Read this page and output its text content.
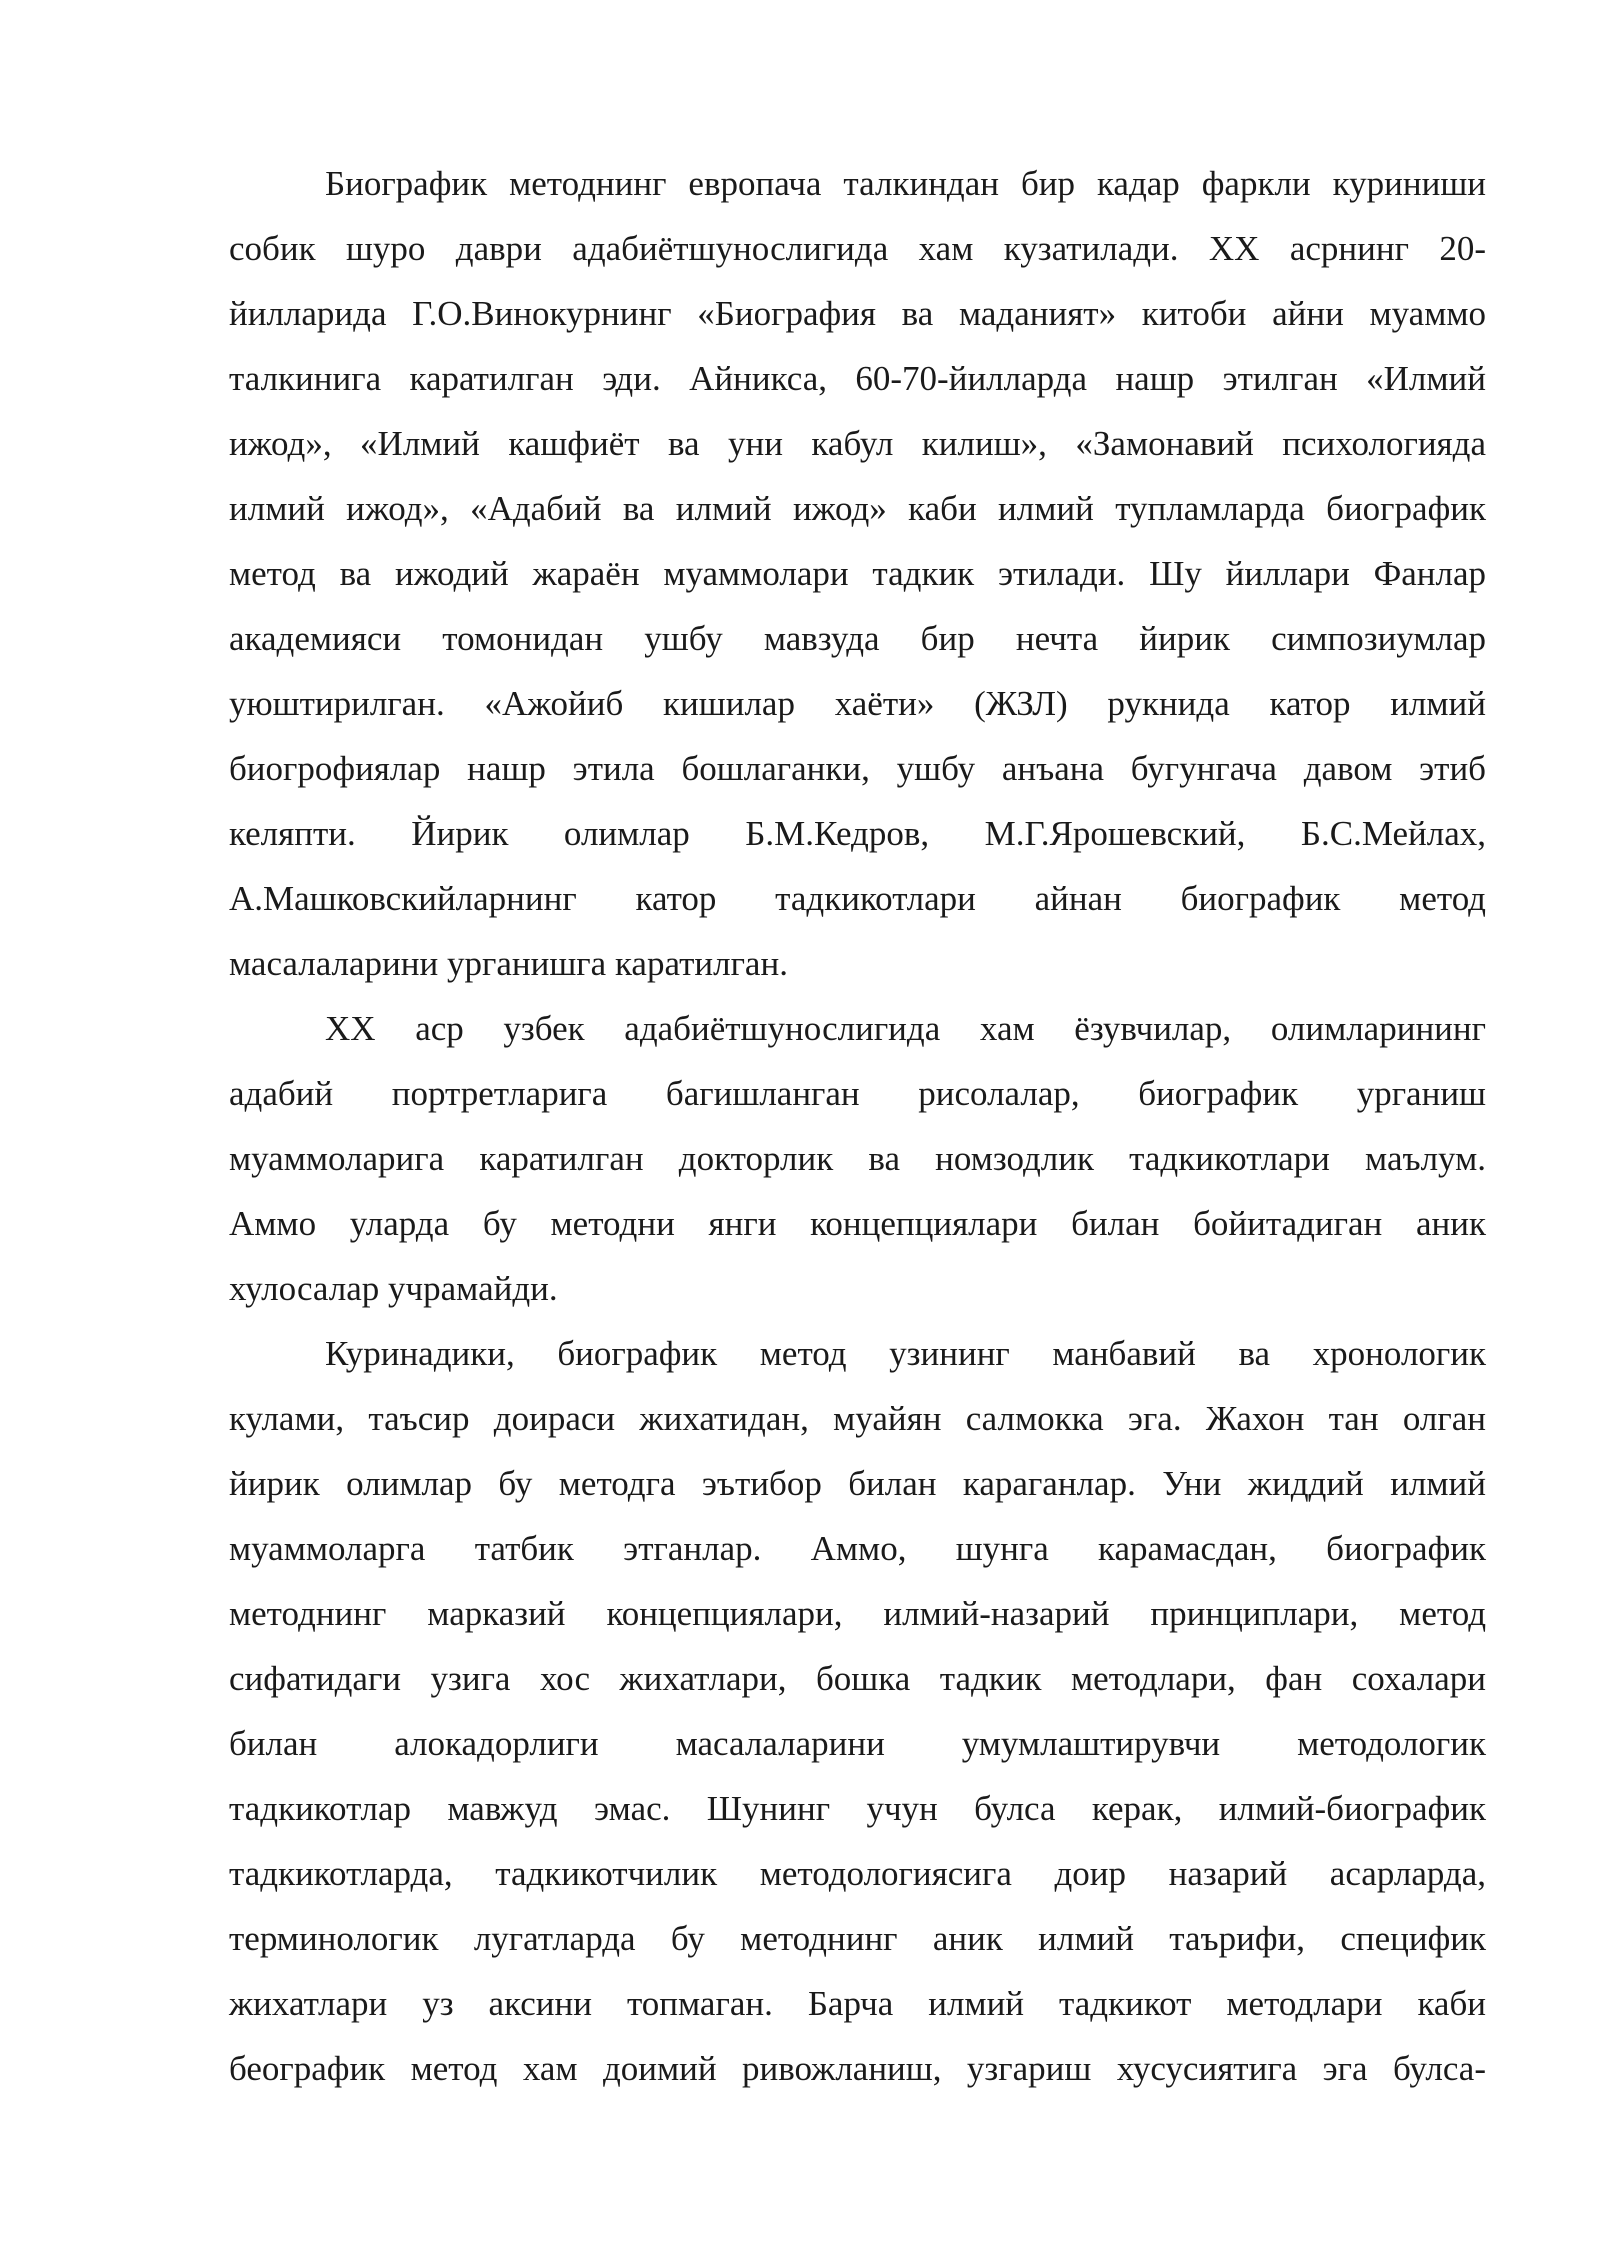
Биографик методнинг европача талкиндан бир кадар фаркли куриниши
собик шуро даври адабиётшунослигида хам кузатилади. XX асрнинг 20-
йилларида Г.О.Винокурнинг «Биография ва маданият» китоби айни муаммо
талкинига каратилган эди. Айникса, 60-70-йилларда нашр этилган «Илмий
ижод», «Илмий кашфиёт ва уни кабул килиш», «Замонавий психологияда
илмий ижод», «Адабий ва илмий ижод» каби илмий тупламларда биографик
метод ва ижодий жараён муаммолари тадкик этилади. Шу йиллари Фанлар
академияси томонидан ушбу мавзуда бир нечта йирик симпозиумлар
уюштирилган. «Ажойиб кишилар хаёти» (ЖЗЛ) рукнида катор илмий
биогрофиялар нашр этила бошлаганки, ушбу анъана бугунгача давом этиб
келяпти. Йирик олимлар Б.М.Кедров, М.Г.Ярошевский, Б.С.Мейлах,
А.Машковскийларнинг катор тадкикотлари айнан биографик метод
масалаларини урганишга каратилган.
XX аср узбек адабиётшунослигида хам ёзувчилар, олимларининг
адабий портретларига багишланган рисолалар, биографик урганиш
муаммоларига каратилган докторлик ва номзодлик тадкикотлари маълум.
Аммо уларда бу методни янги концепциялари билан бойитадиган аник
хулосалар учрамайди.
Куринадики, биографик метод узининг манбавий ва хронологик
кулами, таъсир доираси жихатидан, муайян салмокка эга. Жахон тан олган
йирик олимлар бу методга эътибор билан караганлар. Уни жиддий илмий
муаммоларга татбик этганлар. Аммо, шунга карамасдан, биографик
методнинг марказий концепциялари, илмий-назарий принциплари, метод
сифатидаги узига хос жихатлари, бошка тадкик методлари, фан сохалари
билан алокадорлиги масалаларини умумлаштирувчи методологик
тадкикотлар мавжуд эмас. Шунинг учун булса керак, илмий-биографик
тадкикотларда, тадкикотчилик методологиясига доир назарий асарларда,
терминологик лугатларда бу методнинг аник илмий таърифи, специфик
жихатлари уз аксини топмаган. Барча илмий тадкикот методлари каби
беографик метод хам доимий ривожланиш, узгариш хусусиятига эга булса-
